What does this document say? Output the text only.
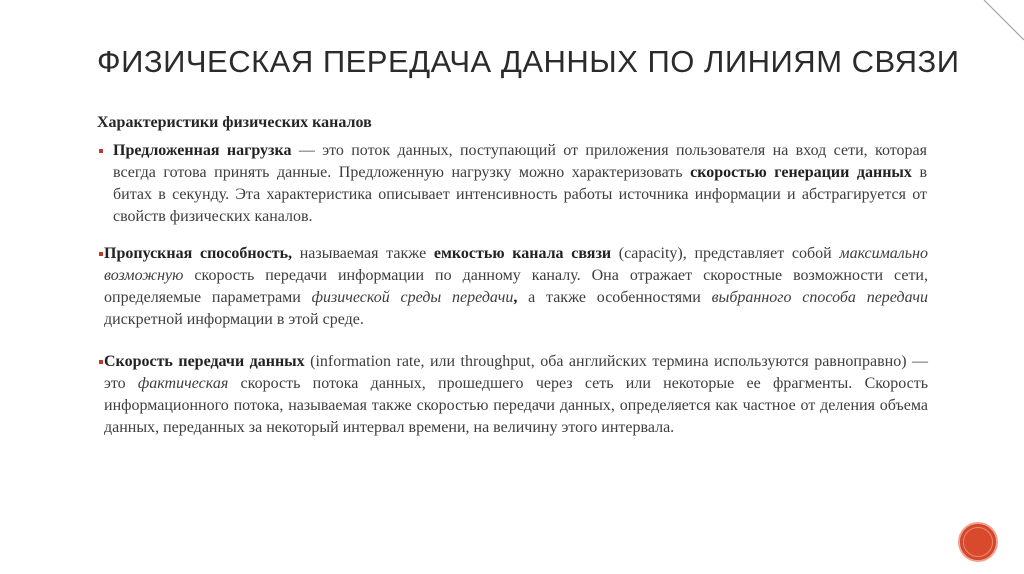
ФИЗИЧЕСКАЯ ПЕРЕДАЧА ДАННЫХ ПО ЛИНИЯМ СВЯЗИ

Характеристики физических каналов

Предложенная нагрузка — это поток данных, поступающий от приложения пользователя на вход сети, которая всегда готова принять данные. Предложенную нагрузку можно характеризовать скоростью генерации данных в битах в секунду. Эта характеристика описывает интенсивность работы источника информации и абстрагируется от свойств физических каналов.

Пропускная способность, называемая также емкостью канала связи (capacity), представляет собой максимально возможную скорость передачи информации по данному каналу. Она отражает скоростные возможности сети, определяемые параметрами физической среды передачи, а также особенностями выбранного способа передачи дискретной информации в этой среде.

Скорость передачи данных (information rate, или throughput, оба английских термина используются равноправно) — это фактическая скорость потока данных, прошедшего через сеть или некоторые ее фрагменты. Скорость информационного потока, называемая также скоростью передачи данных, определяется как частное от деления объема данных, переданных за некоторый интервал времени, на величину этого интервала.
